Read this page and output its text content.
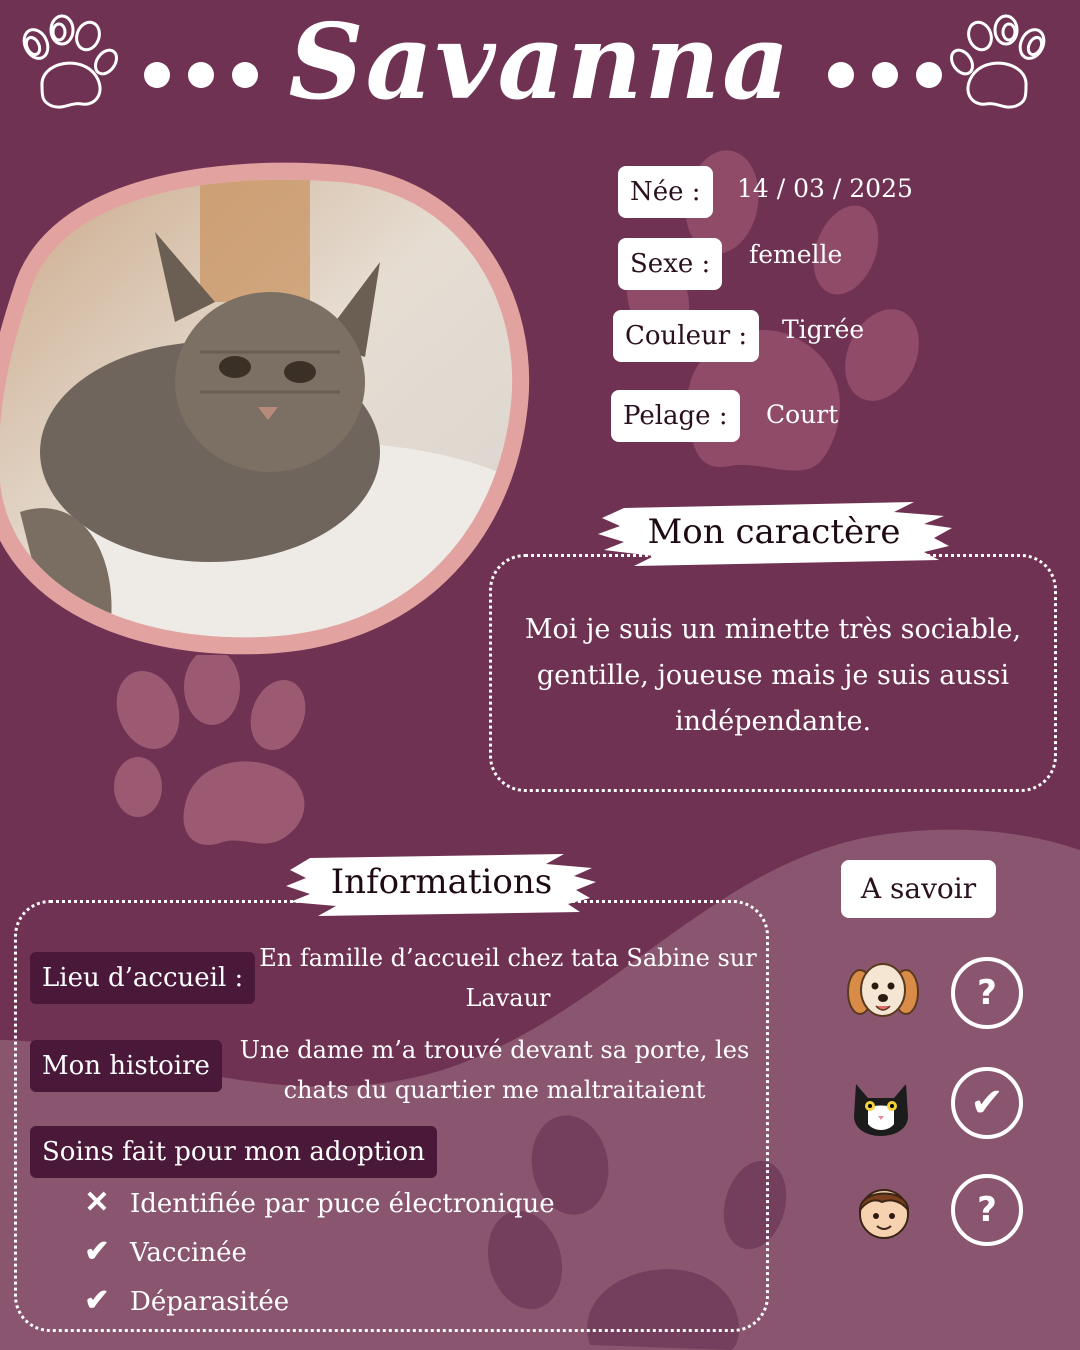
Savanna
Née :	14 / 03 / 2025
Sexe :	femelle
Couleur :	Tigrée
Pelage :	Court
Mon caractère
Moi je suis un minette très sociable, gentille, joueuse mais je suis aussi indépendante.
Informations
Lieu d’accueil :
En famille d’accueil chez tata Sabine sur Lavaur
Mon histoire
Une dame m’a trouvé devant sa porte, les chats du quartier me maltraitaient
Soins fait pour mon adoption
✕ Identifiée par puce électronique
✔ Vaccinée
✔ Déparasitée
A savoir
?
✔
?
